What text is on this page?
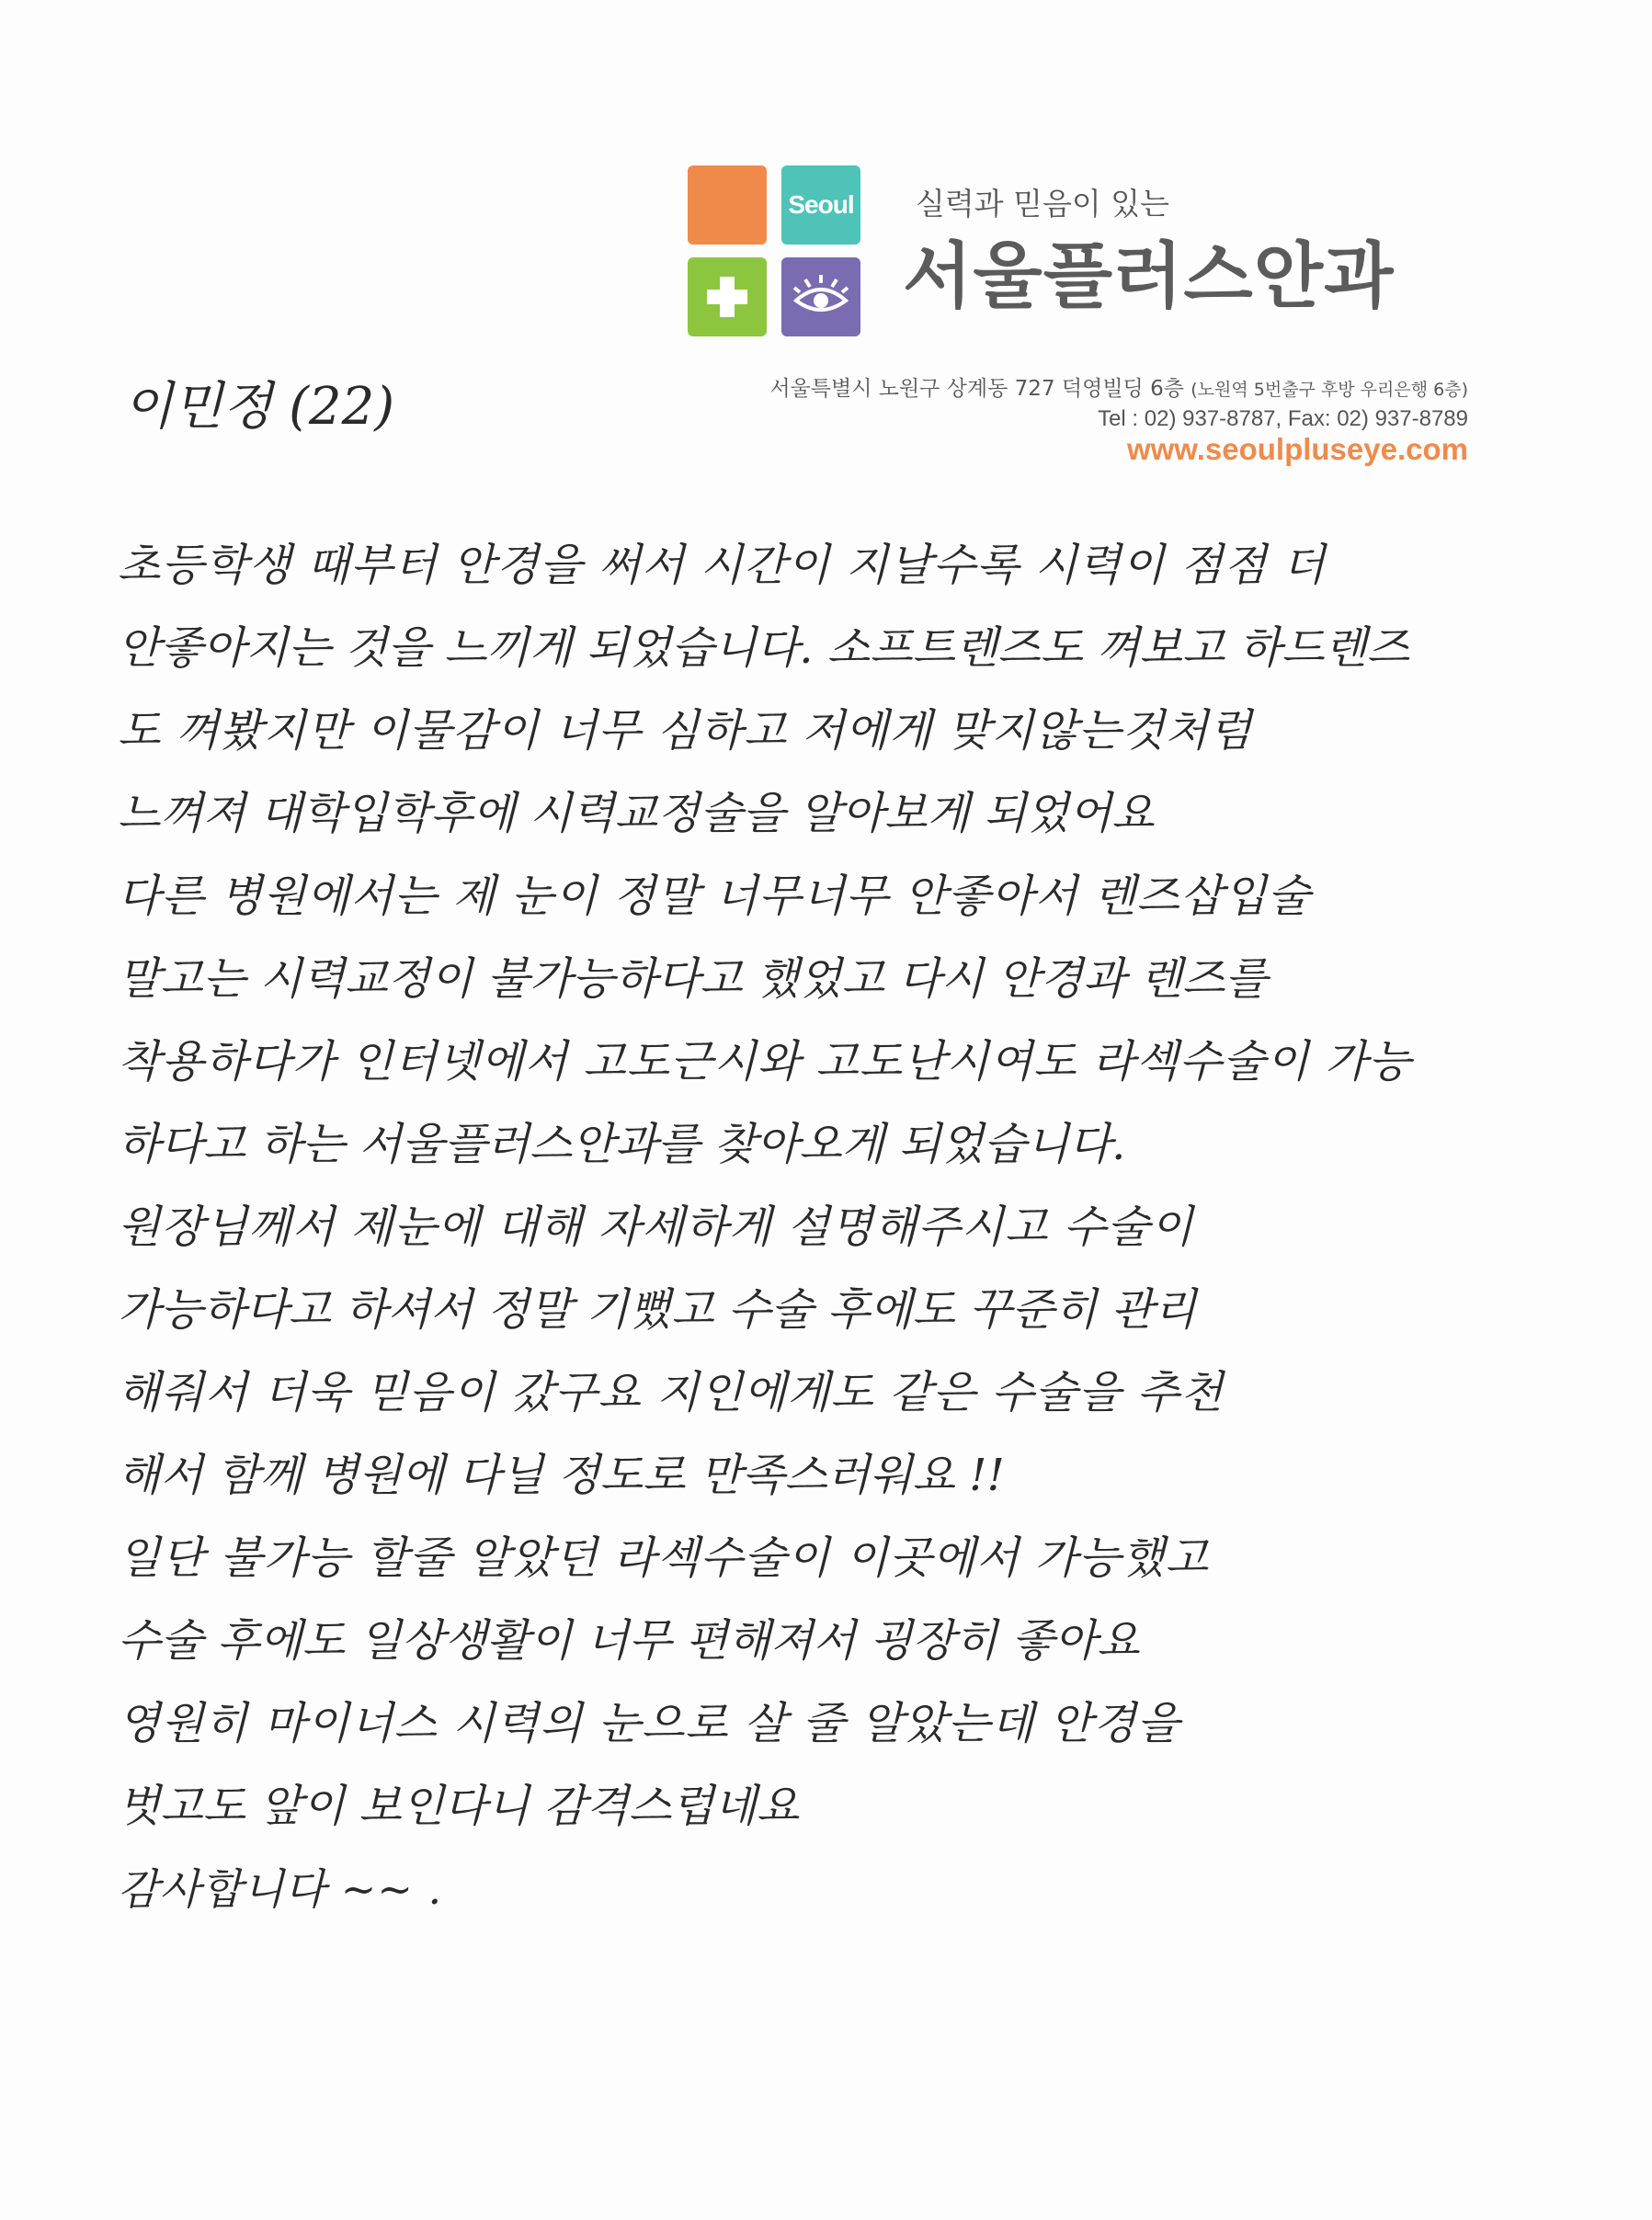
Seoul 실력과 믿음이 있는
서울플러스안과
서울특별시 노원구 상계동 727 덕영빌딩 6층 (노원역 5번출구 후방 우리은행 6층)
Tel : 02) 937-8787, Fax: 02) 937-8789
www.seoulpluseye.com
이민정 (22)
초등학생 때부터 안경을 써서 시간이 지날수록 시력이 점점 더
안좋아지는 것을 느끼게 되었습니다. 소프트렌즈도 껴보고 하드렌즈
도 껴봤지만 이물감이 너무 심하고 저에게 맞지않는것처럼
느껴져 대학입학후에 시력교정술을 알아보게 되었어요
다른 병원에서는 제 눈이 정말 너무너무 안좋아서 렌즈삽입술
말고는 시력교정이 불가능하다고 했었고 다시 안경과 렌즈를
착용하다가 인터넷에서 고도근시와 고도난시여도 라섹수술이 가능
하다고 하는 서울플러스안과를 찾아오게 되었습니다.
원장님께서 제눈에 대해 자세하게 설명해주시고 수술이
가능하다고 하셔서 정말 기뻤고 수술 후에도 꾸준히 관리
해줘서 더욱 믿음이 갔구요 지인에게도 같은 수술을 추천
해서 함께 병원에 다닐 정도로 만족스러워요 !!
일단 불가능 할줄 알았던 라섹수술이 이곳에서 가능했고
수술 후에도 일상생활이 너무 편해져서 굉장히 좋아요
영원히 마이너스 시력의 눈으로 살 줄 알았는데 안경을
벗고도 앞이 보인다니 감격스럽네요
감사합니다 ~~ .
